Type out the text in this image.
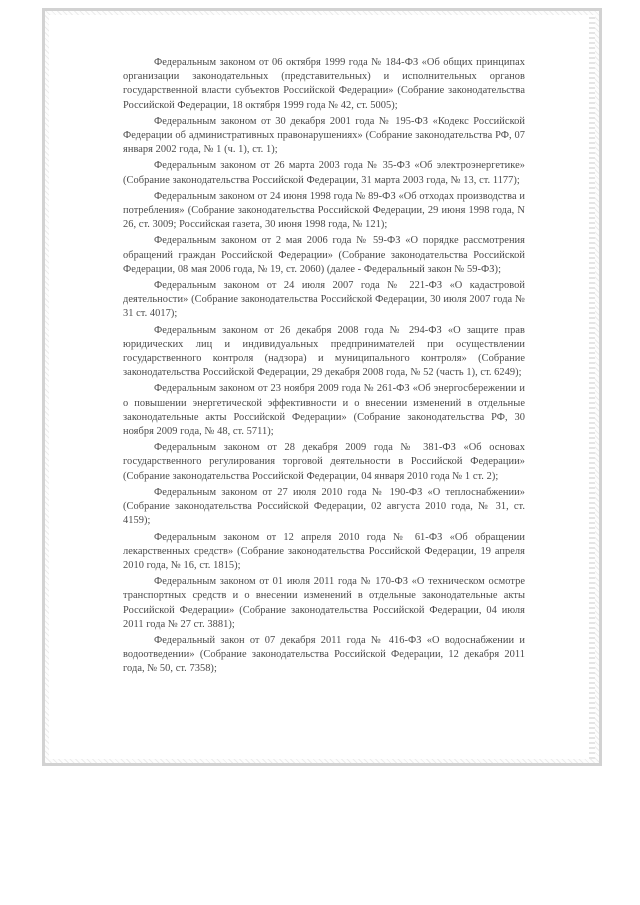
Федеральным законом от 06 октября 1999 года № 184-ФЗ «Об общих принципах организации законодательных (представительных) и исполнительных органов государственной власти субъектов Российской Федерации» (Собрание законодательства Российской Федерации, 18 октября 1999 года № 42, ст. 5005);

Федеральным законом от 30 декабря 2001 года № 195-ФЗ «Кодекс Российской Федерации об административных правонарушениях» (Собрание законодательства РФ, 07 января 2002 года, № 1 (ч. 1), ст. 1);

Федеральным законом от 26 марта 2003 года № 35-ФЗ «Об электроэнергетике» (Собрание законодательства Российской Федерации, 31 марта 2003 года, № 13, ст. 1177);

Федеральным законом от 24 июня 1998 года № 89-ФЗ «Об отходах производства и потребления» (Собрание законодательства Российской Федерации, 29 июня 1998 года, N 26, ст. 3009; Российская газета, 30 июня 1998 года, № 121);

Федеральным законом от 2 мая 2006 года № 59-ФЗ «О порядке рассмотрения обращений граждан Российской Федерации» (Собрание законодательства Российской Федерации, 08 мая 2006 года, № 19, ст. 2060) (далее - Федеральный закон № 59-ФЗ);

Федеральным законом от 24 июля 2007 года № 221-ФЗ «О кадастровой деятельности» (Собрание законодательства Российской Федерации, 30 июля 2007 года № 31 ст. 4017);

Федеральным законом от 26 декабря 2008 года № 294-ФЗ «О защите прав юридических лиц и индивидуальных предпринимателей при осуществлении государственного контроля (надзора) и муниципального контроля» (Собрание законодательства Российской Федерации, 29 декабря 2008 года, № 52 (часть 1), ст. 6249);

Федеральным законом от 23 ноября 2009 года № 261-ФЗ «Об энергосбережении и о повышении энергетической эффективности и о внесении изменений в отдельные законодательные акты Российской Федерации» (Собрание законодательства РФ, 30 ноября 2009 года, № 48, ст. 5711);

Федеральным законом от 28 декабря 2009 года № 381-ФЗ «Об основах государственного регулирования торговой деятельности в Российской Федерации» (Собрание законодательства Российской Федерации, 04 января 2010 года № 1 ст. 2);

Федеральным законом от 27 июля 2010 года № 190-ФЗ «О теплоснабжении» (Собрание законодательства Российской Федерации, 02 августа 2010 года, № 31, ст. 4159);

Федеральным законом от 12 апреля 2010 года № 61-ФЗ «Об обращении лекарственных средств» (Собрание законодательства Российской Федерации, 19 апреля 2010 года, № 16, ст. 1815);

Федеральным законом от 01 июля 2011 года № 170-ФЗ «О техническом осмотре транспортных средств и о внесении изменений в отдельные законодательные акты Российской Федерации» (Собрание законодательства Российской Федерации, 04 июля 2011 года № 27 ст. 3881);

Федеральный закон от 07 декабря 2011 года № 416-ФЗ «О водоснабжении и водоотведении» (Собрание законодательства Российской Федерации, 12 декабря 2011 года, № 50, ст. 7358);
